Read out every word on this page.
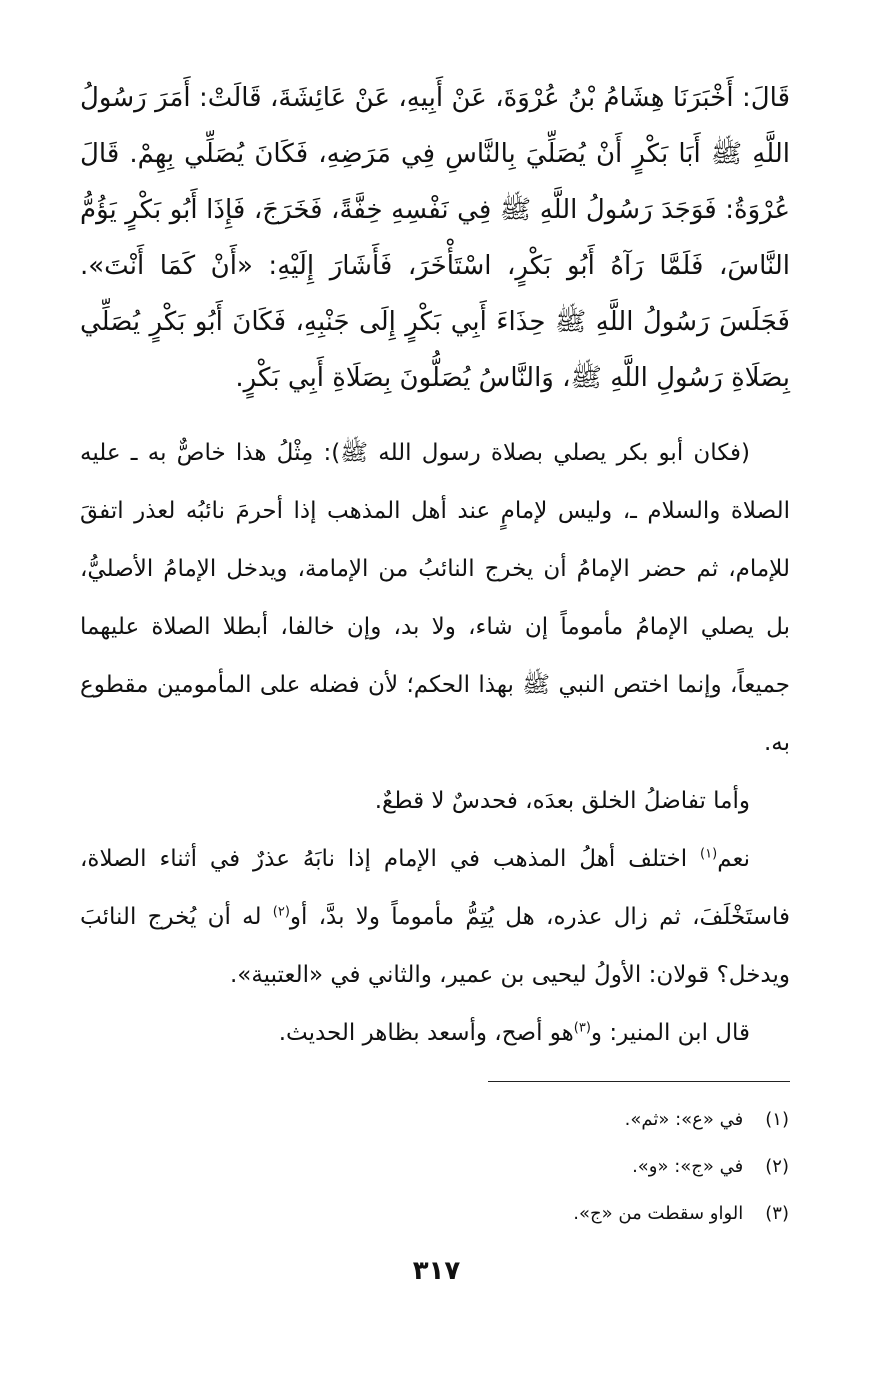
قَالَ: أَخْبَرَنَا هِشَامُ بْنُ عُرْوَةَ، عَنْ أَبِيهِ، عَنْ عَائِشَةَ، قَالَتْ: أَمَرَ رَسُولُ اللَّهِ ﷺ أَبَا بَكْرٍ أَنْ يُصَلِّيَ بِالنَّاسِ فِي مَرَضِهِ، فَكَانَ يُصَلِّي بِهِمْ. قَالَ عُرْوَةُ: فَوَجَدَ رَسُولُ اللَّهِ ﷺ فِي نَفْسِهِ خِفَّةً، فَخَرَجَ، فَإِذَا أَبُو بَكْرٍ يَؤُمُّ النَّاسَ، فَلَمَّا رَآهُ أَبُو بَكْرٍ، اسْتَأْخَرَ، فَأَشَارَ إِلَيْهِ: «أَنْ كَمَا أَنْتَ». فَجَلَسَ رَسُولُ اللَّهِ ﷺ حِذَاءَ أَبِي بَكْرٍ إِلَى جَنْبِهِ، فَكَانَ أَبُو بَكْرٍ يُصَلِّي بِصَلَاةِ رَسُولِ اللَّهِ ﷺ، وَالنَّاسُ يُصَلُّونَ بِصَلَاةِ أَبِي بَكْرٍ.

(فكان أبو بكر يصلي بصلاة رسول الله ﷺ): مِثْلُ هذا خاصٌّ به ـ عليه الصلاة والسلام ـ، وليس لإمامٍ عند أهل المذهب إذا أحرمَ نائبُه لعذر اتفقَ للإمام، ثم حضر الإمامُ أن يخرج النائبُ من الإمامة، ويدخل الإمامُ الأصليُّ، بل يصلي الإمامُ مأموماً إن شاء، ولا بد، وإن خالفا، أبطلا الصلاة عليهما جميعاً، وإنما اختص النبي ﷺ بهذا الحكم؛ لأن فضله على المأمومين مقطوع به.

وأما تفاضلُ الخلق بعدَه، فحدسٌ لا قطعٌ.

نعم$^{(١)}$ اختلف أهلُ المذهب في الإمام إذا نابَهُ عذرٌ في أثناء الصلاة، فاستَخْلَفَ، ثم زال عذره، هل يُتِمُّ مأموماً ولا بدَّ، أو$^{(٢)}$ له أن يُخرج النائبَ ويدخل؟ قولان: الأولُ ليحيى بن عمير، والثاني في «العتبية».

قال ابن المنير: و$^{(٣)}$هو أصح، وأسعد بظاهر الحديث.

(١) في «ع»: «ثم».
(٢) في «ج»: «و».
(٣) الواو سقطت من «ج».
٣١٧
